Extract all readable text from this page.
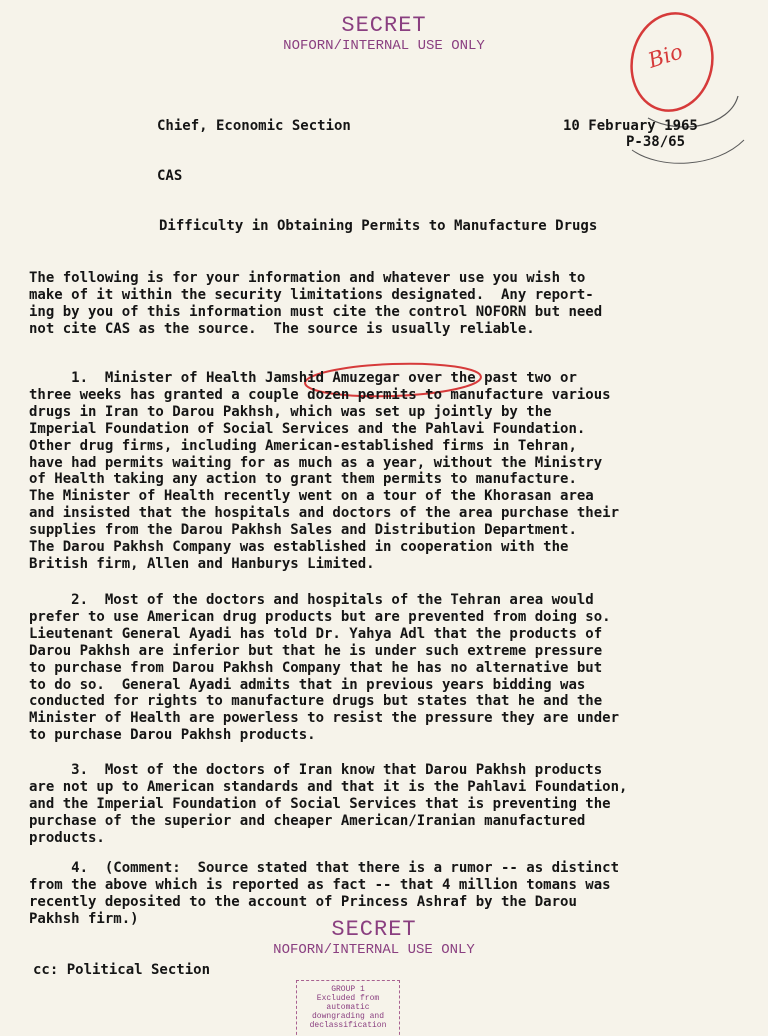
SECRET
NOFORN/INTERNAL USE ONLY	Bio
Chief, Economic Section	10 February 1965
P-38/65
CAS
Difficulty in Obtaining Permits to Manufacture Drugs
The following is for your information and whatever use you wish to
make of it within the security limitations designated.  Any report-
ing by you of this information must cite the control NOFORN but need
not cite CAS as the source.  The source is usually reliable.
1.  Minister of Health Jamshid Amuzegar over the past two or
three weeks has granted a couple dozen permits to manufacture various
drugs in Iran to Darou Pakhsh, which was set up jointly by the
Imperial Foundation of Social Services and the Pahlavi Foundation.
Other drug firms, including American-established firms in Tehran,
have had permits waiting for as much as a year, without the Ministry
of Health taking any action to grant them permits to manufacture.
The Minister of Health recently went on a tour of the Khorasan area
and insisted that the hospitals and doctors of the area purchase their
supplies from the Darou Pakhsh Sales and Distribution Department.
The Darou Pakhsh Company was established in cooperation with the
British firm, Allen and Hanburys Limited.
2.  Most of the doctors and hospitals of the Tehran area would
prefer to use American drug products but are prevented from doing so.
Lieutenant General Ayadi has told Dr. Yahya Adl that the products of
Darou Pakhsh are inferior but that he is under such extreme pressure
to purchase from Darou Pakhsh Company that he has no alternative but
to do so.  General Ayadi admits that in previous years bidding was
conducted for rights to manufacture drugs but states that he and the
Minister of Health are powerless to resist the pressure they are under
to purchase Darou Pakhsh products.
3.  Most of the doctors of Iran know that Darou Pakhsh products
are not up to American standards and that it is the Pahlavi Foundation,
and the Imperial Foundation of Social Services that is preventing the
purchase of the superior and cheaper American/Iranian manufactured
products.
4.  (Comment:  Source stated that there is a rumor -- as distinct
from the above which is reported as fact -- that 4 million tomans was
recently deposited to the account of Princess Ashraf by the Darou
Pakhsh firm.)	SECRET
NOFORN/INTERNAL USE ONLY
cc: Political Section
GROUP 1
Excluded from automatic
downgrading and
declassification
